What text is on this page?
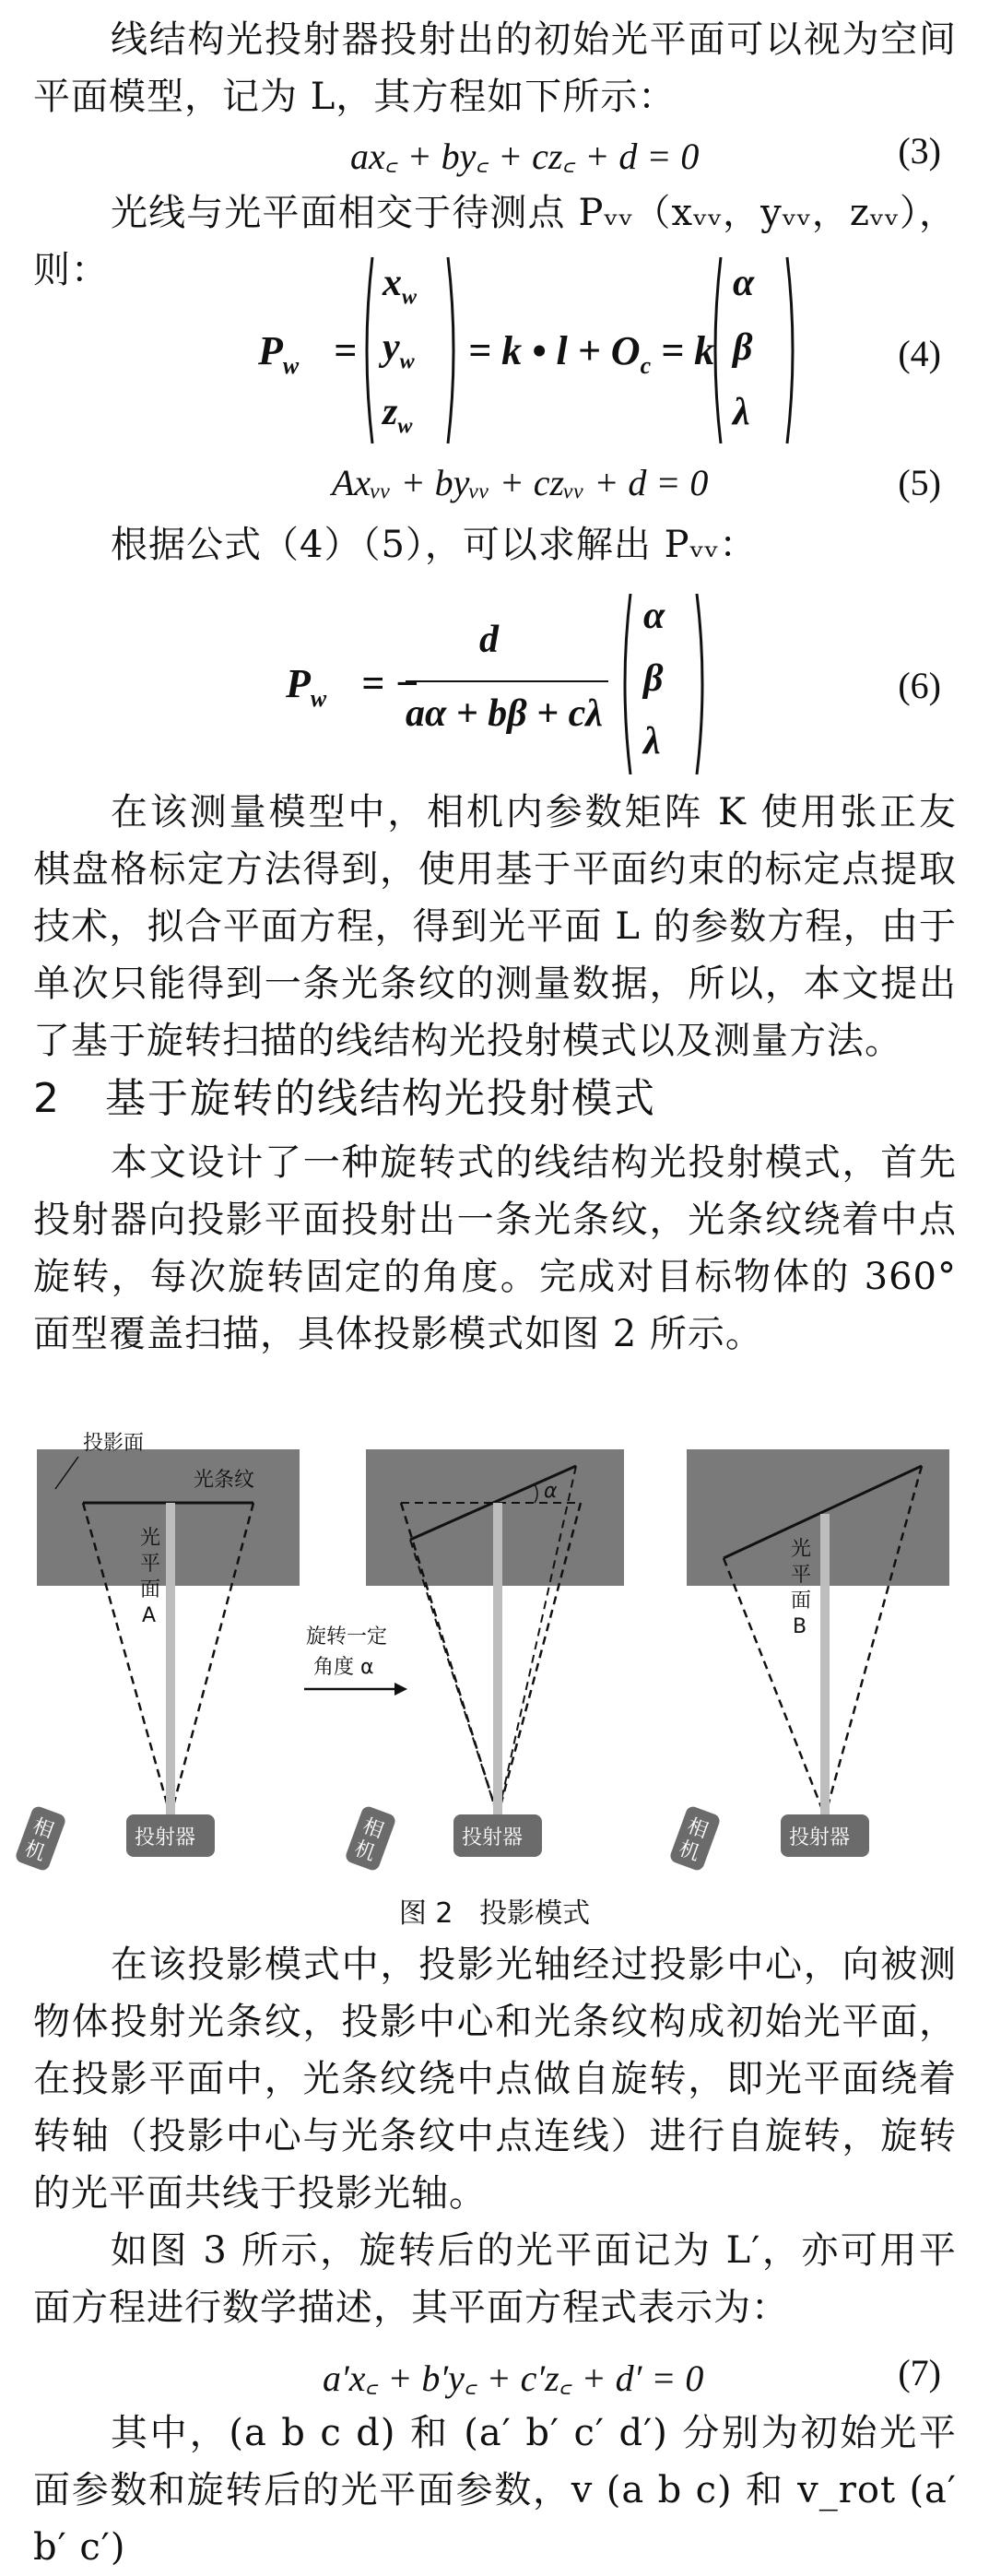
线结构光投射器投射出的初始光平面可以视为空间平面模型，记为 L，其方程如下所示：
ax꜀ + by꜀ + cz꜀ + d = 0	(3)
光线与光平面相交于待测点 Pᵥᵥ（xᵥᵥ，yᵥᵥ，zᵥᵥ），则：
$P_w$ =
$x_w$
$y_w$
$z_w$
= k • $l + O_c = k$
α
β
λ
(4)
Axᵥᵥ + byᵥᵥ + czᵥᵥ + d = 0	(5)
根据公式（4）（5），可以求解出 Pᵥᵥ：
$P_w$ = −
d
aα + bβ + cλ
α
β
λ
(6)
在该测量模型中，相机内参数矩阵 K 使用张正友棋盘格标定方法得到，使用基于平面约束的标定点提取技术，拟合平面方程，得到光平面 L 的参数方程，由于单次只能得到一条光条纹的测量数据，所以，本文提出了基于旋转扫描的线结构光投射模式以及测量方法。
2 基于旋转的线结构光投射模式
本文设计了一种旋转式的线结构光投射模式，首先投射器向投影平面投射出一条光条纹，光条纹绕着中点旋转，每次旋转固定的角度。完成对目标物体的 360° 面型覆盖扫描，具体投影模式如图 2 所示。
投影面
光条纹
光
平
面
A
相
机	投射器
旋转一定
角度 α
α
相
机	投射器
光
平
面
B
相
机	投射器
图 2 投影模式
在该投影模式中，投影光轴经过投影中心，向被测物体投射光条纹，投影中心和光条纹构成初始光平面，在投影平面中，光条纹绕中点做自旋转，即光平面绕着转轴（投影中心与光条纹中点连线）进行自旋转，旋转的光平面共线于投影光轴。
如图 3 所示，旋转后的光平面记为 L′，亦可用平面方程进行数学描述，其平面方程式表示为：
a′x꜀ + b′y꜀ + c′z꜀ + d′ = 0	(7)
其中，(a b c d) 和 (a′ b′ c′ d′) 分别为初始光平面参数和旋转后的光平面参数，v (a b c) 和 v_rot (a′ b′ c′)
